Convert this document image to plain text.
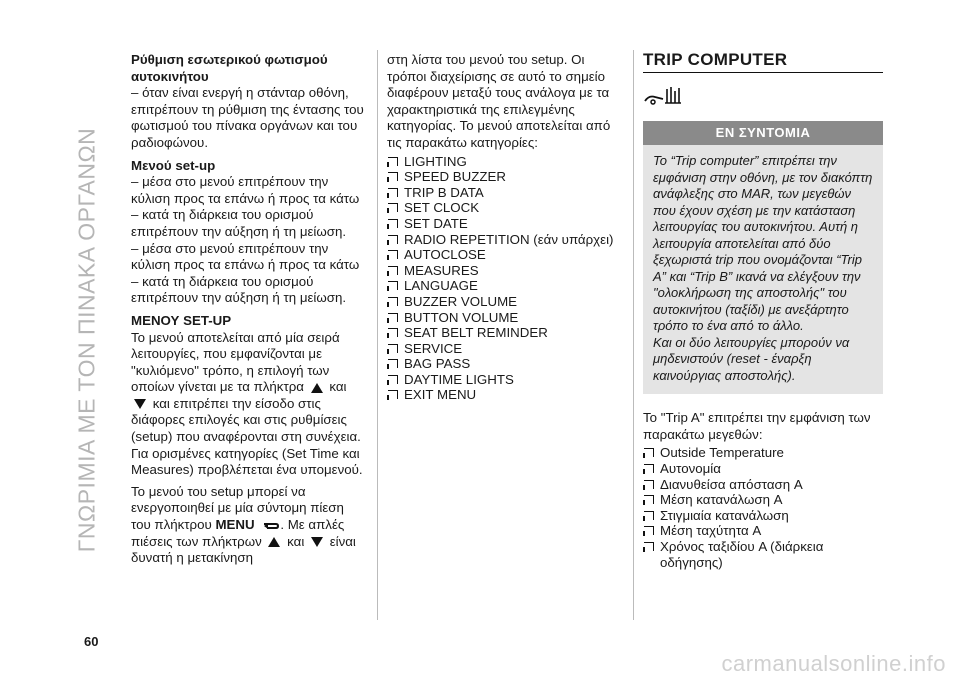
ΓΝΩΡΙΜΙΑ ΜΕ ΤΟΝ ΠΙΝΑΚΑ ΟΡΓΑΝΩΝ
Ρύθμιση εσωτερικού φωτισμού αυτοκινήτου

– όταν είναι ενεργή η στάνταρ οθόνη, επιτρέπουν τη ρύθμιση της έντασης του φωτισμού του πίνακα οργάνων και του ραδιοφώνου.

Μενού set-up

– μέσα στο μενού επιτρέπουν την κύλιση προς τα επάνω ή προς τα κάτω

– κατά τη διάρκεια του ορισμού επιτρέπουν την αύξηση ή τη μείωση.

– μέσα στο μενού επιτρέπουν την κύλιση προς τα επάνω ή προς τα κάτω

– κατά τη διάρκεια του ορισμού επιτρέπουν την αύξηση ή τη μείωση.

ΜΕΝΟΥ SET-UP

Το μενού αποτελείται από μία σειρά λειτουργίες, που εμφανίζονται με "κυλιόμενο" τρόπο, η επιλογή των οποίων γίνεται με τα πλήκτρα και  και επιτρέπει την είσοδο στις διάφορες επιλογές και στις ρυθμίσεις (setup) που αναφέρονται στη συνέχεια. Για ορισμένες κατηγορίες (Set Time και Measures) προβλέπεται ένα υπομενού.

Το μενού του setup μπορεί να ενεργοποιηθεί με μία σύντομη πίεση του πλήκτρου MENU . Με απλές πιέσεις των πλήκτρων και είναι δυνατή η μετακίνηση

στη λίστα του μενού του setup. Οι τρόποι διαχείρισης σε αυτό το σημείο διαφέρουν μεταξύ τους ανάλογα με τα χαρακτηριστικά της επιλεγμένης κατηγορίας. Το μενού αποτελείται από τις παρακάτω κατηγορίες:

LIGHTING
SPEED BUZZER
TRIP B DATA
SET CLOCK
SET DATE
RADIO REPETITION (εάν υπάρχει)
AUTOCLOSE
MEASURES
LANGUAGE
BUZZER VOLUME
BUTTON VOLUME
SEAT BELT REMINDER
SERVICE
BAG PASS
DAYTIME LIGHTS
EXIT MENU
TRIP COMPUTER
ΕΝ ΣΥΝΤΟΜΙΑ

Το “Trip computer” επιτρέπει την εμφάνιση στην οθόνη, με τον διακόπτη ανάφλεξης στο MAR, των μεγεθών που έχουν σχέση με την κατάσταση λειτουργίας του αυτοκινήτου. Αυτή η λειτουργία αποτελείται από δύο ξεχωριστά trip που ονομάζονται “Trip A” και “Trip B” ικανά να ελέγξουν την "ολοκλήρωση της αποστολής" του αυτοκινήτου (ταξίδι) με ανεξάρτητο τρόπο το ένα από το άλλο.

Και οι δύο λειτουργίες μπορούν να μηδενιστούν (reset - έναρξη καινούργιας αποστολής).

Το "Trip A" επιτρέπει την εμφάνιση των παρακάτω μεγεθών:

Outside Temperature
Αυτονομία
Διανυθείσα απόσταση A
Μέση κατανάλωση A
Στιγμιαία κατανάλωση
Μέση ταχύτητα A
Χρόνος ταξιδίου A (διάρκεια οδήγησης)
60
carmanualsonline.info
